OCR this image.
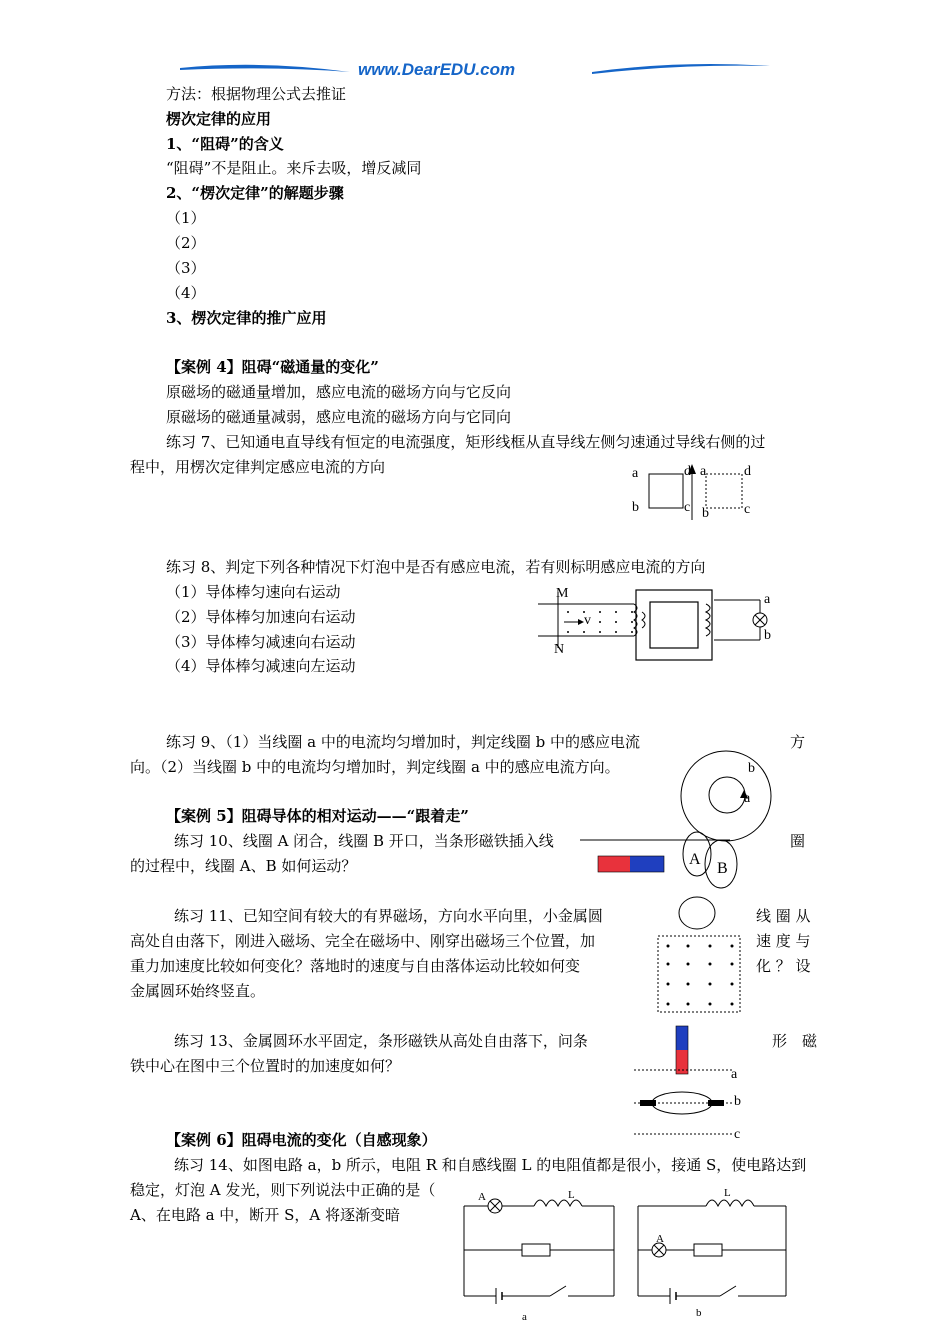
www.DearEDU.com
方法：根据物理公式去推证
楞次定律的应用
1、“阻碍”的含义
“阻碍”不是阻止。来斥去吸，增反减同
2、“楞次定律”的解题步骤
（1）
（2）
（3）
（4）
3、楞次定律的推广应用
【案例 4】阻碍“磁通量的变化”
原磁场的磁通量增加，感应电流的磁场方向与它反向
原磁场的磁通量减弱，感应电流的磁场方向与它同向
练习 7、已知通电直导线有恒定的电流强度，矩形线框从直导线左侧匀速通过导线右侧的过
程中，用楞次定律判定感应电流的方向	a
b
d
c
a
b
d
c
练习 8、判定下列各种情况下灯泡中是否有感应电流，若有则标明感应电流的方向
（1）导体棒匀速向右运动
（2）导体棒匀加速向右运动
（3）导体棒匀减速向右运动
（4）导体棒匀减速向左运动
M
N
v
a
b
练习 9、（1）当线圈 a 中的电流均匀增加时，判定线圈 b 中的感应电流	方
向。（2）当线圈 b 中的电流均匀增加时，判定线圈 a 中的感应电流方向。	b
a
【案例 5】阻碍导体的相对运动——“跟着走”
练习 10、线圈 A 闭合，线圈 B 开口，当条形磁铁插入线	圈
的过程中，线圈 A、B 如何运动？	A
B
练习 11、已知空间有较大的有界磁场，方向水平向里，小金属圆	线 圈 从
高处自由落下，刚进入磁场、完全在磁场中、刚穿出磁场三个位置，加	速 度 与
重力加速度比较如何变化？落地时的速度与自由落体运动比较如何变	化 ？ 设
金属圆环始终竖直。
练习 13、金属圆环水平固定，条形磁铁从高处自由落下，问条	形　磁
铁中心在图中三个位置时的加速度如何？	a
b
c
【案例 6】阻碍电流的变化（自感现象）
练习 14、如图电路 a，b 所示，电阻 R 和自感线圈 L 的电阻值都是很小，接通 S，使电路达到
稳定，灯泡 A 发光，则下列说法中正确的是（
A、在电路 a 中，断开 S，A 将逐渐变暗
A	L
a
L
A
b
